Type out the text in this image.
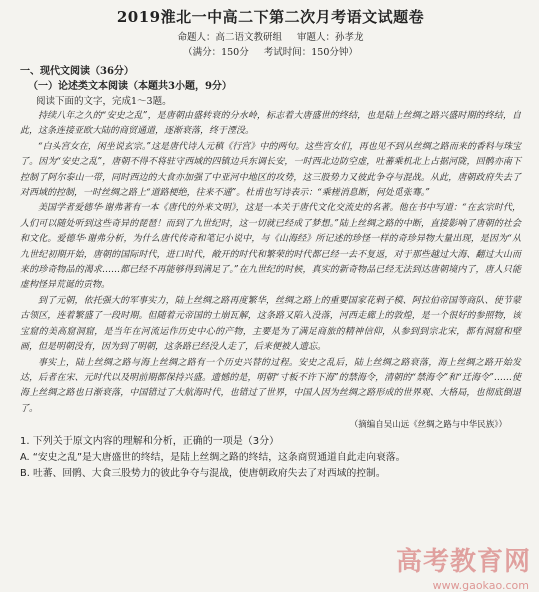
2019淮北一中高二下第二次月考语文试题卷
命题人：高二语文教研组 审题人：孙孝龙
（满分：150分 考试时间：150分钟）
一、现代文阅读（36分）
（一）论述类文本阅读（本题共3小题，9分）
阅读下面的文字，完成1～3题。

持续八年之久的“安史之乱”，是唐朝由盛转衰的分水岭，标志着大唐盛世的终结，也是陆上丝绸之路兴盛时期的终结，自此，这条连接亚欧大陆的商贸通道，逐渐衰落，终于湮没。

“白头宫女在，闲坐说玄宗。”这是唐代诗人元稹《行宫》中的两句。这些宫女们，再也见不到从丝绸之路而来的香料与珠宝了。因为“安史之乱”，唐朝不得不将驻守西域的四镇边兵东调长安，一时西北边防空虚，吐蕃乘机北上占据河陇，回鹘亦南下控制了阿尔泰山一带，同时西边的大食亦加强了中亚河中地区的攻势，这三股势力又彼此争夺与混战。从此，唐朝政府失去了对西域的控制，一时丝绸之路上“道路梗绝，往来不通”。杜甫也写诗表示：“乘槎消息断，何处觅张骞。”

美国学者爱德华·谢弗著有一本《唐代的外来文明》，这是一本关于唐代文化交流史的名著。他在书中写道：“在玄宗时代，人们可以随处听到这些奇异的琵琶！而到了九世纪时，这一切就已经成了梦想。”陆上丝绸之路的中断，直接影响了唐朝的社会和文化。爱德华·谢弗分析，为什么唐代传奇和笔记小说中，与《山海经》所记述的珍怪一样的奇珍异物大量出现，是因为“从九世纪初期开始，唐朝的国际时代，进口时代，敞开的时代和繁荣的时代都已经一去不复返，对于那些越过大海、翻过大山而来的珍奇物品的渴求……都已经不再能够得到满足了。”在九世纪的时候，真实的新奇物品已经无法到达唐朝境内了，唐人只能虚构怪异荒诞的贡物。

到了元朝，依托强大的军事实力，陆上丝绸之路再度繁华，丝绸之路上的重要国家花剌子模、阿拉伯帝国等商队、使节蒙古领区，连着繁盛了一段时期。但随着元帝国的土崩瓦解，这条路又陷入没落，河西走廊上的敦煌，是一个很好的参照物，该宝窟的美高窟洞窟，是当年在河流运作历史中心的产物，主要是为了满足商旅的精神信仰，从参到到宗北宋，都有洞窟和壁画，但是明朝没有，因为到了明朝，这条路已经没人走了，后来便被人遗忘。

事实上，陆上丝绸之路与海上丝绸之路有一个历史兴替的过程。安史之乱后，陆上丝绸之路衰落，海上丝绸之路开始发达，后者在宋、元时代以及明前期都保持兴盛。遗憾的是，明朝“寸板不许下海”的禁海令，清朝的“禁海令”和“迁海令”……使海上丝绸之路也日渐衰落，中国错过了大航海时代，也错过了世界，中国人因为丝绸之路形成的世界观、大格局，也彻底倒退了。

（摘编自吴山远《丝绸之路与中华民族》）
1. 下列关于原文内容的理解和分析，正确的一项是（3分）
A. “安史之乱”是大唐盛世的终结，是陆上丝绸之路的终结，这条商贸通道自此走向衰落。
B. 吐蕃、回鹘、大食三股势力的彼此争夺与混战，使唐朝政府失去了对西域的控制。
高考教育网
www.gaokao.com
